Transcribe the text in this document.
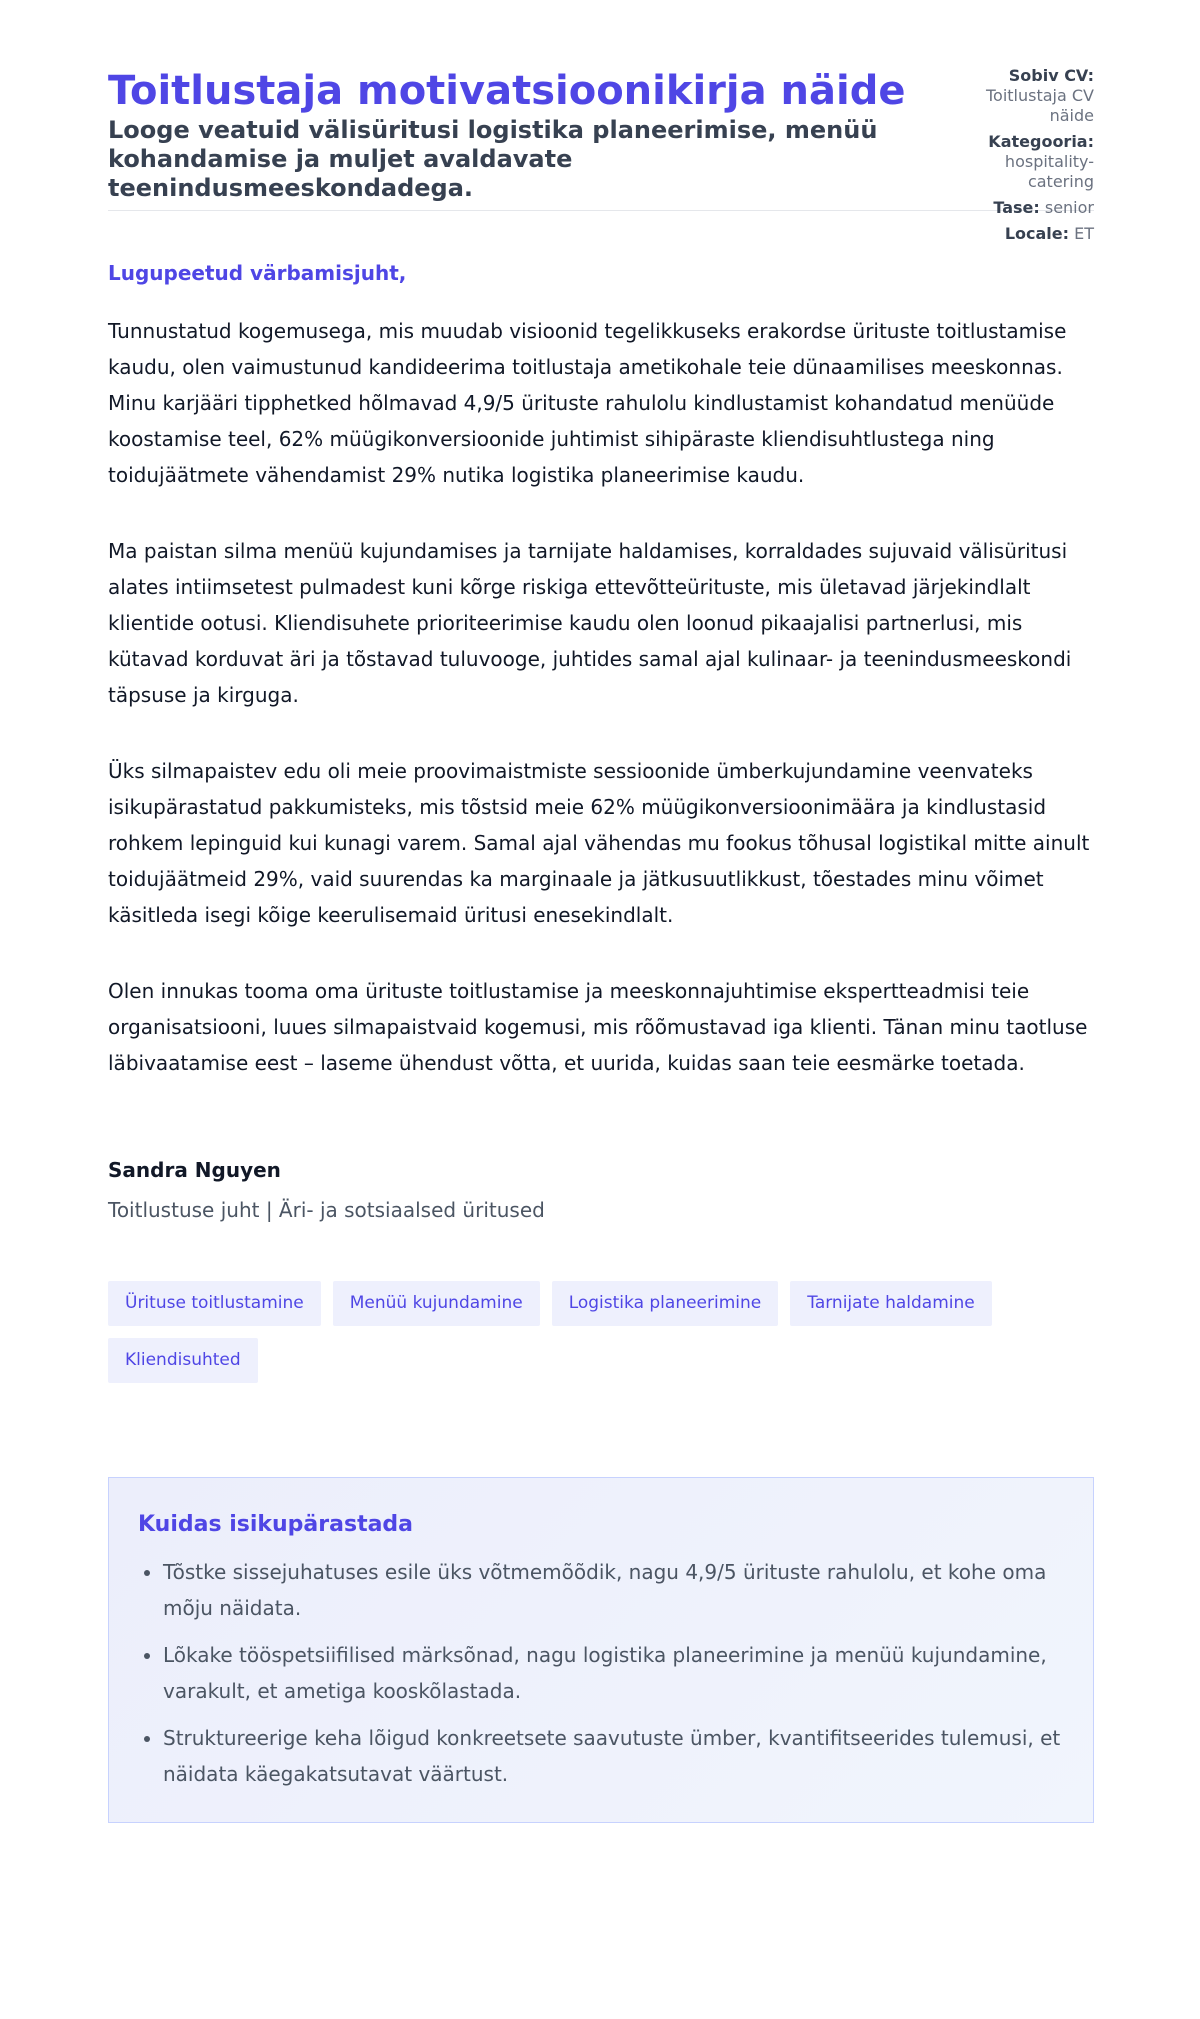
Toitlustaja motivatsioonikirja näide

Looge veatuid välisüritusi logistika planeerimise, menüü kohandamise ja muljet avaldavate teenindusmeeskondadega.

Sobiv CV:
Toitlustaja CV näide
Kategooria:
hospitality-catering
Tase: senior
Locale: ET
Lugupeetud värbamisjuht,

Tunnustatud kogemusega, mis muudab visioonid tegelikkuseks erakordse ürituste toitlustamise kaudu, olen vaimustunud kandideerima toitlustaja ametikohale teie dünaamilises meeskonnas. Minu karjääri tipphetked hõlmavad 4,9/5 ürituste rahulolu kindlustamist kohandatud menüüde koostamise teel, 62% müügikonversioonide juhtimist sihipäraste kliendisuhtlustega ning toidujäätmete vähendamist 29% nutika logistika planeerimise kaudu.

Ma paistan silma menüü kujundamises ja tarnijate haldamises, korraldades sujuvaid välisüritusi alates intiimsetest pulmadest kuni kõrge riskiga ettevõtteürituste, mis ületavad järjekindlalt klientide ootusi. Kliendisuhete prioriteerimise kaudu olen loonud pikaajalisi partnerlusi, mis kütavad korduvat äri ja tõstavad tuluvooge, juhtides samal ajal kulinaar- ja teenindusmeeskondi täpsuse ja kirguga.

Üks silmapaistev edu oli meie proovimaistmiste sessioonide ümberkujundamine veenvateks isikupärastatud pakkumisteks, mis tõstsid meie 62% müügikonversioonimäära ja kindlustasid rohkem lepinguid kui kunagi varem. Samal ajal vähendas mu fookus tõhusal logistikal mitte ainult toidujäätmeid 29%, vaid suurendas ka marginaale ja jätkusuutlikkust, tõestades minu võimet käsitleda isegi kõige keerulisemaid üritusi enesekindlalt.

Olen innukas tooma oma ürituste toitlustamise ja meeskonnajuhtimise ekspertteadmisi teie organisatsiooni, luues silmapaistvaid kogemusi, mis rõõmustavad iga klienti. Tänan minu taotluse läbivaatamise eest – laseme ühendust võtta, et uurida, kuidas saan teie eesmärke toetada.

Sandra Nguyen
Toitlustuse juht | Äri- ja sotsiaalsed üritused
Ürituse toitlustamine	Menüü kujundamine	Logistika planeerimine	Tarnijate haldamine
Kliendisuhted
Kuidas isikupärastada
• Tõstke sissejuhatuses esile üks võtmemõõdik, nagu 4,9/5 ürituste rahulolu, et kohe oma mõju näidata.
• Lõkake tööspetsiifilised märksõnad, nagu logistika planeerimine ja menüü kujundamine, varakult, et ametiga kooskõlastada.
• Struktureerige keha lõigud konkreetsete saavutuste ümber, kvantifitseerides tulemusi, et näidata käegakatsutavat väärtust.
